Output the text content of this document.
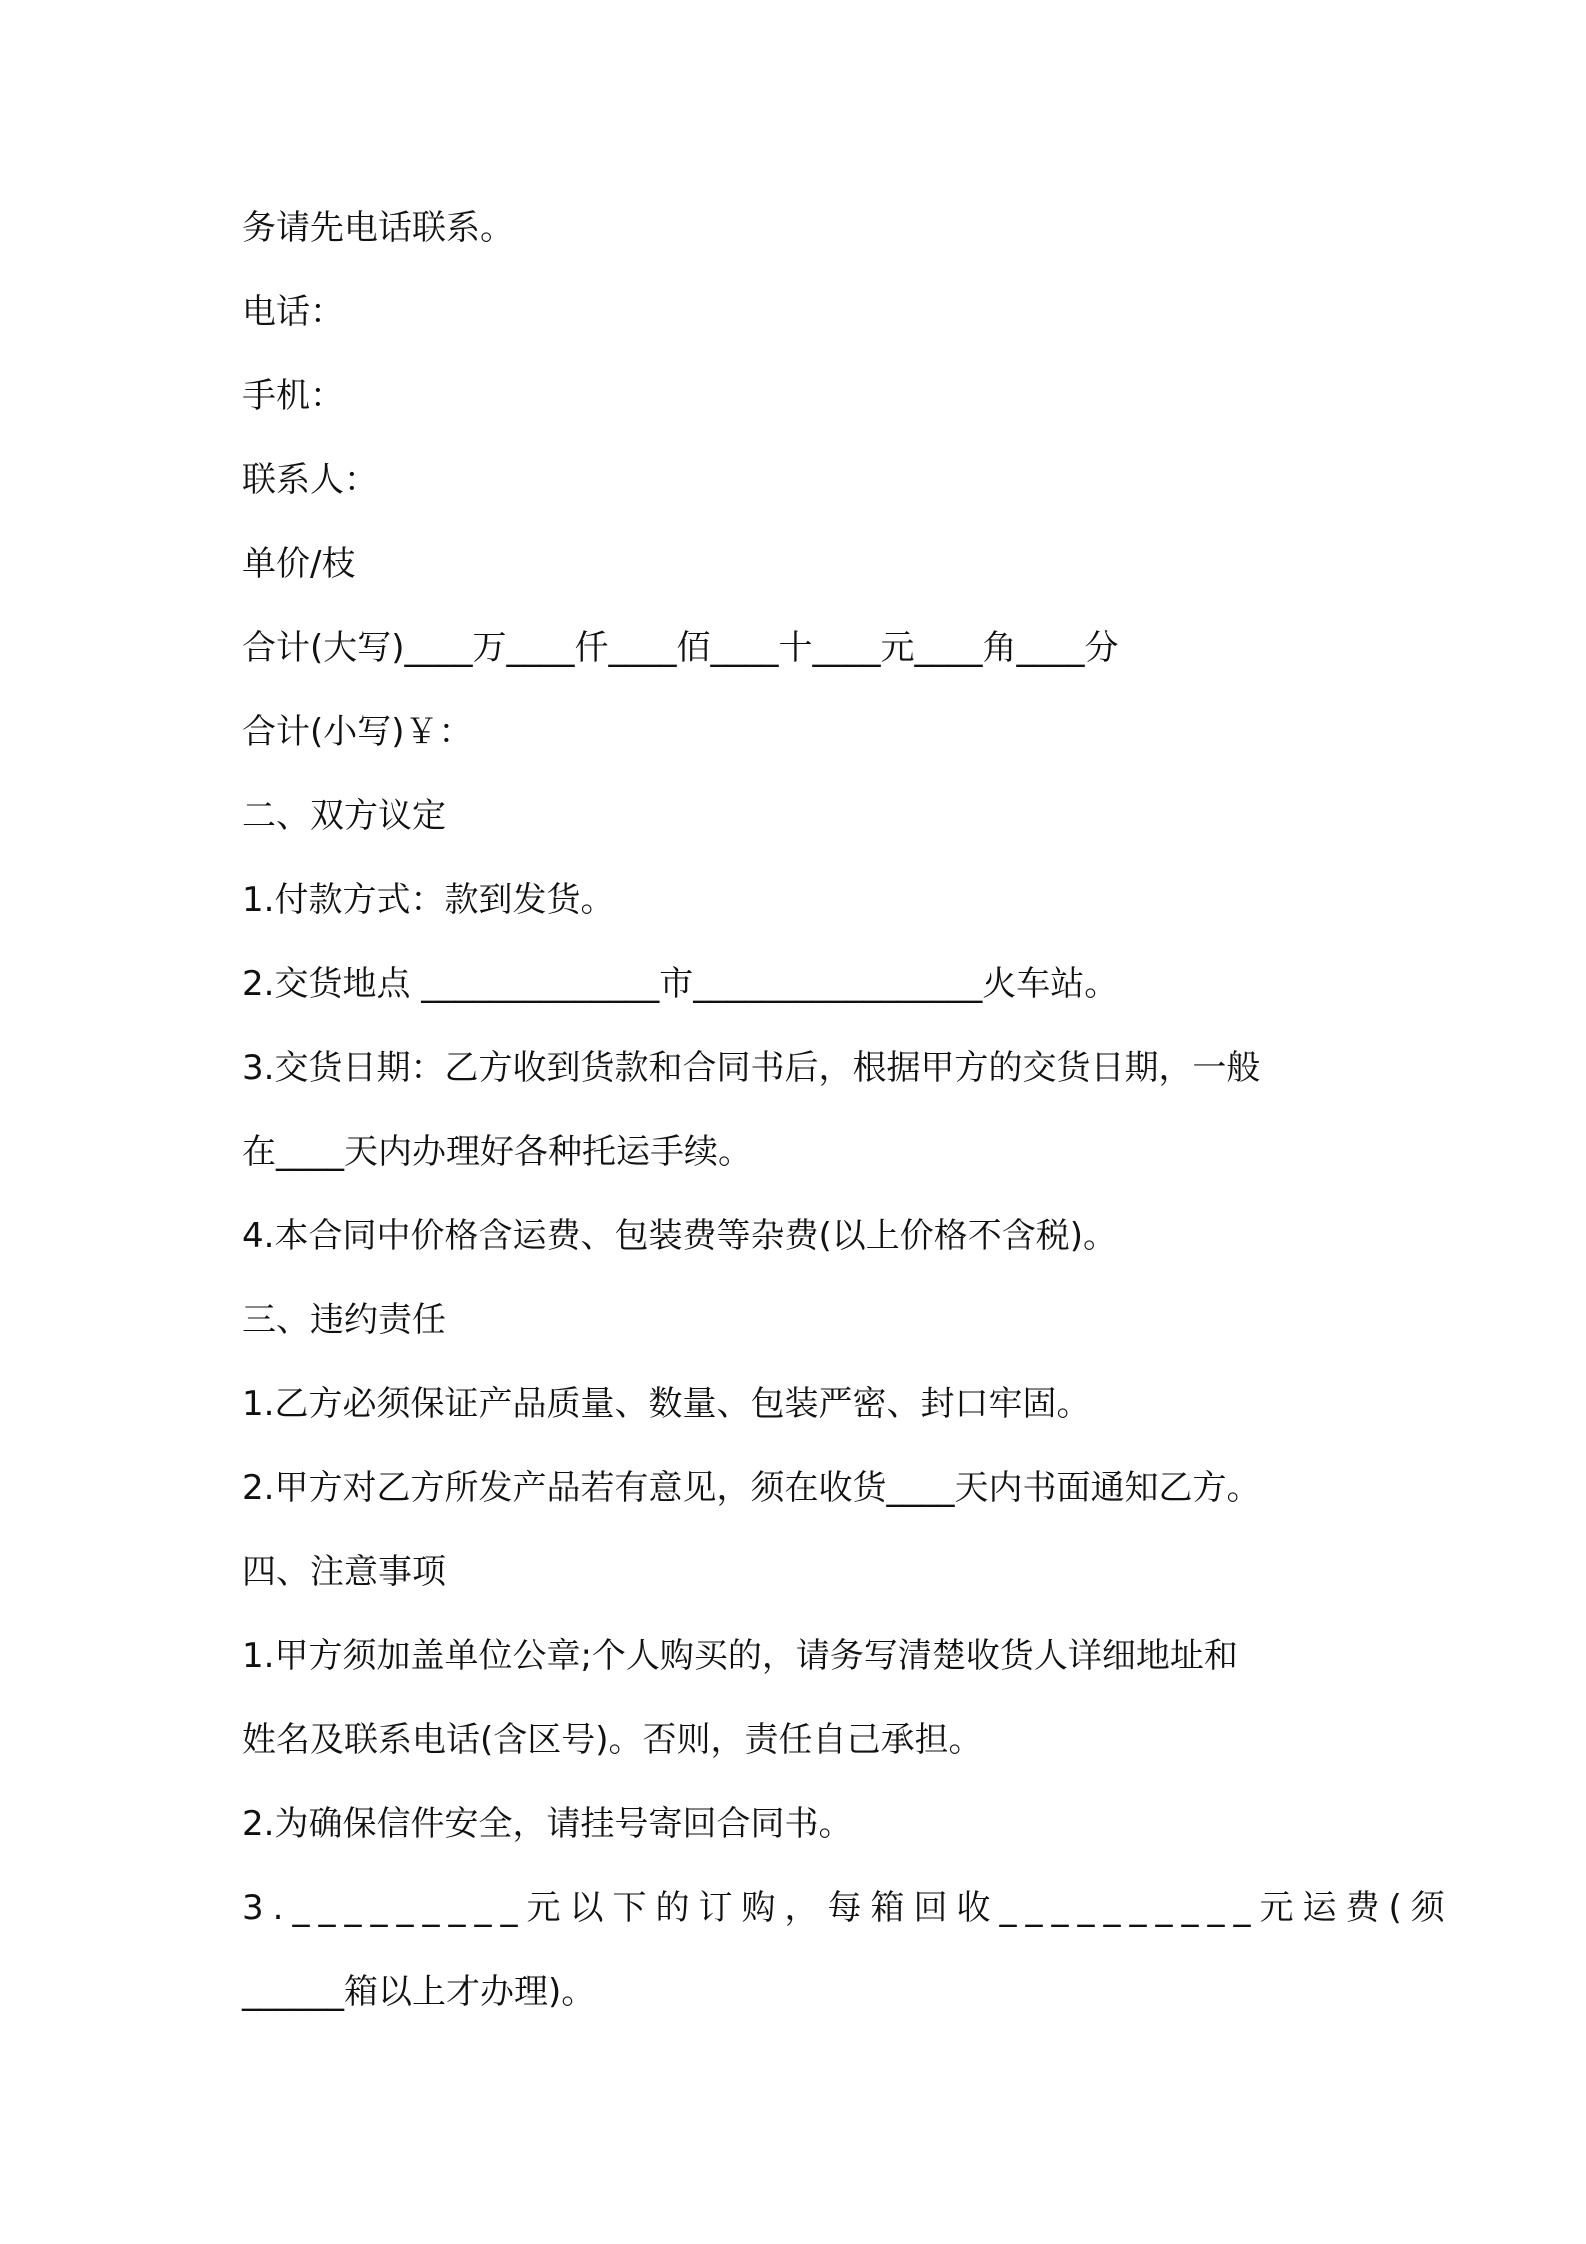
务请先电话联系。
电话：
手机：
联系人：
单价/枝
合计(大写)____万____仟____佰____十____元____角____分
合计(小写)￥：
二、双方议定
1.付款方式：款到发货。
2.交货地点 ______________市_________________火车站。
3.交货日期：乙方收到货款和合同书后，根据甲方的交货日期，一般
在____天内办理好各种托运手续。
4.本合同中价格含运费、包装费等杂费(以上价格不含税)。
三、违约责任
1.乙方必须保证产品质量、数量、包装严密、封口牢固。
2.甲方对乙方所发产品若有意见，须在收货____天内书面通知乙方。
四、注意事项
1.甲方须加盖单位公章;个人购买的，请务写清楚收货人详细地址和
姓名及联系电话(含区号)。否则，责任自己承担。
2.为确保信件安全，请挂号寄回合同书。
3._________元以下的订购，每箱回收__________元运费(须
______箱以上才办理)。
